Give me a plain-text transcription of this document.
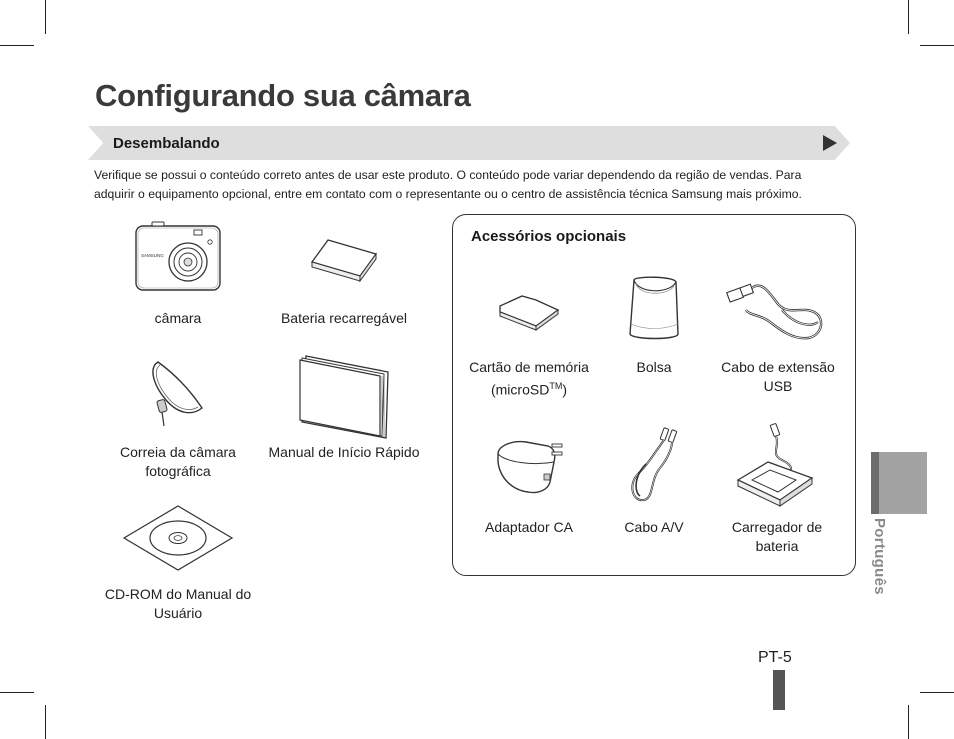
Configurando sua câmara
Desembalando

Verifique se possui o conteúdo correto antes de usar este produto. O conteúdo pode variar dependendo da região de vendas. Para

adquirir o equipamento opcional, entre em contato com o representante ou o centro de assistência técnica Samsung mais próximo.

SAMSUNG
câmara	Bateria recarregável
Correia da câmara
fotográfica
Manual de Início Rápido
CD-ROM do Manual do
Usuário
Acessórios opcionais
Cartão de memória
(microSD™)
Bolsa	Cabo de extensão
USB
Adaptador CA	Cabo A/V	Carregador de
bateria	Português
PT-5
